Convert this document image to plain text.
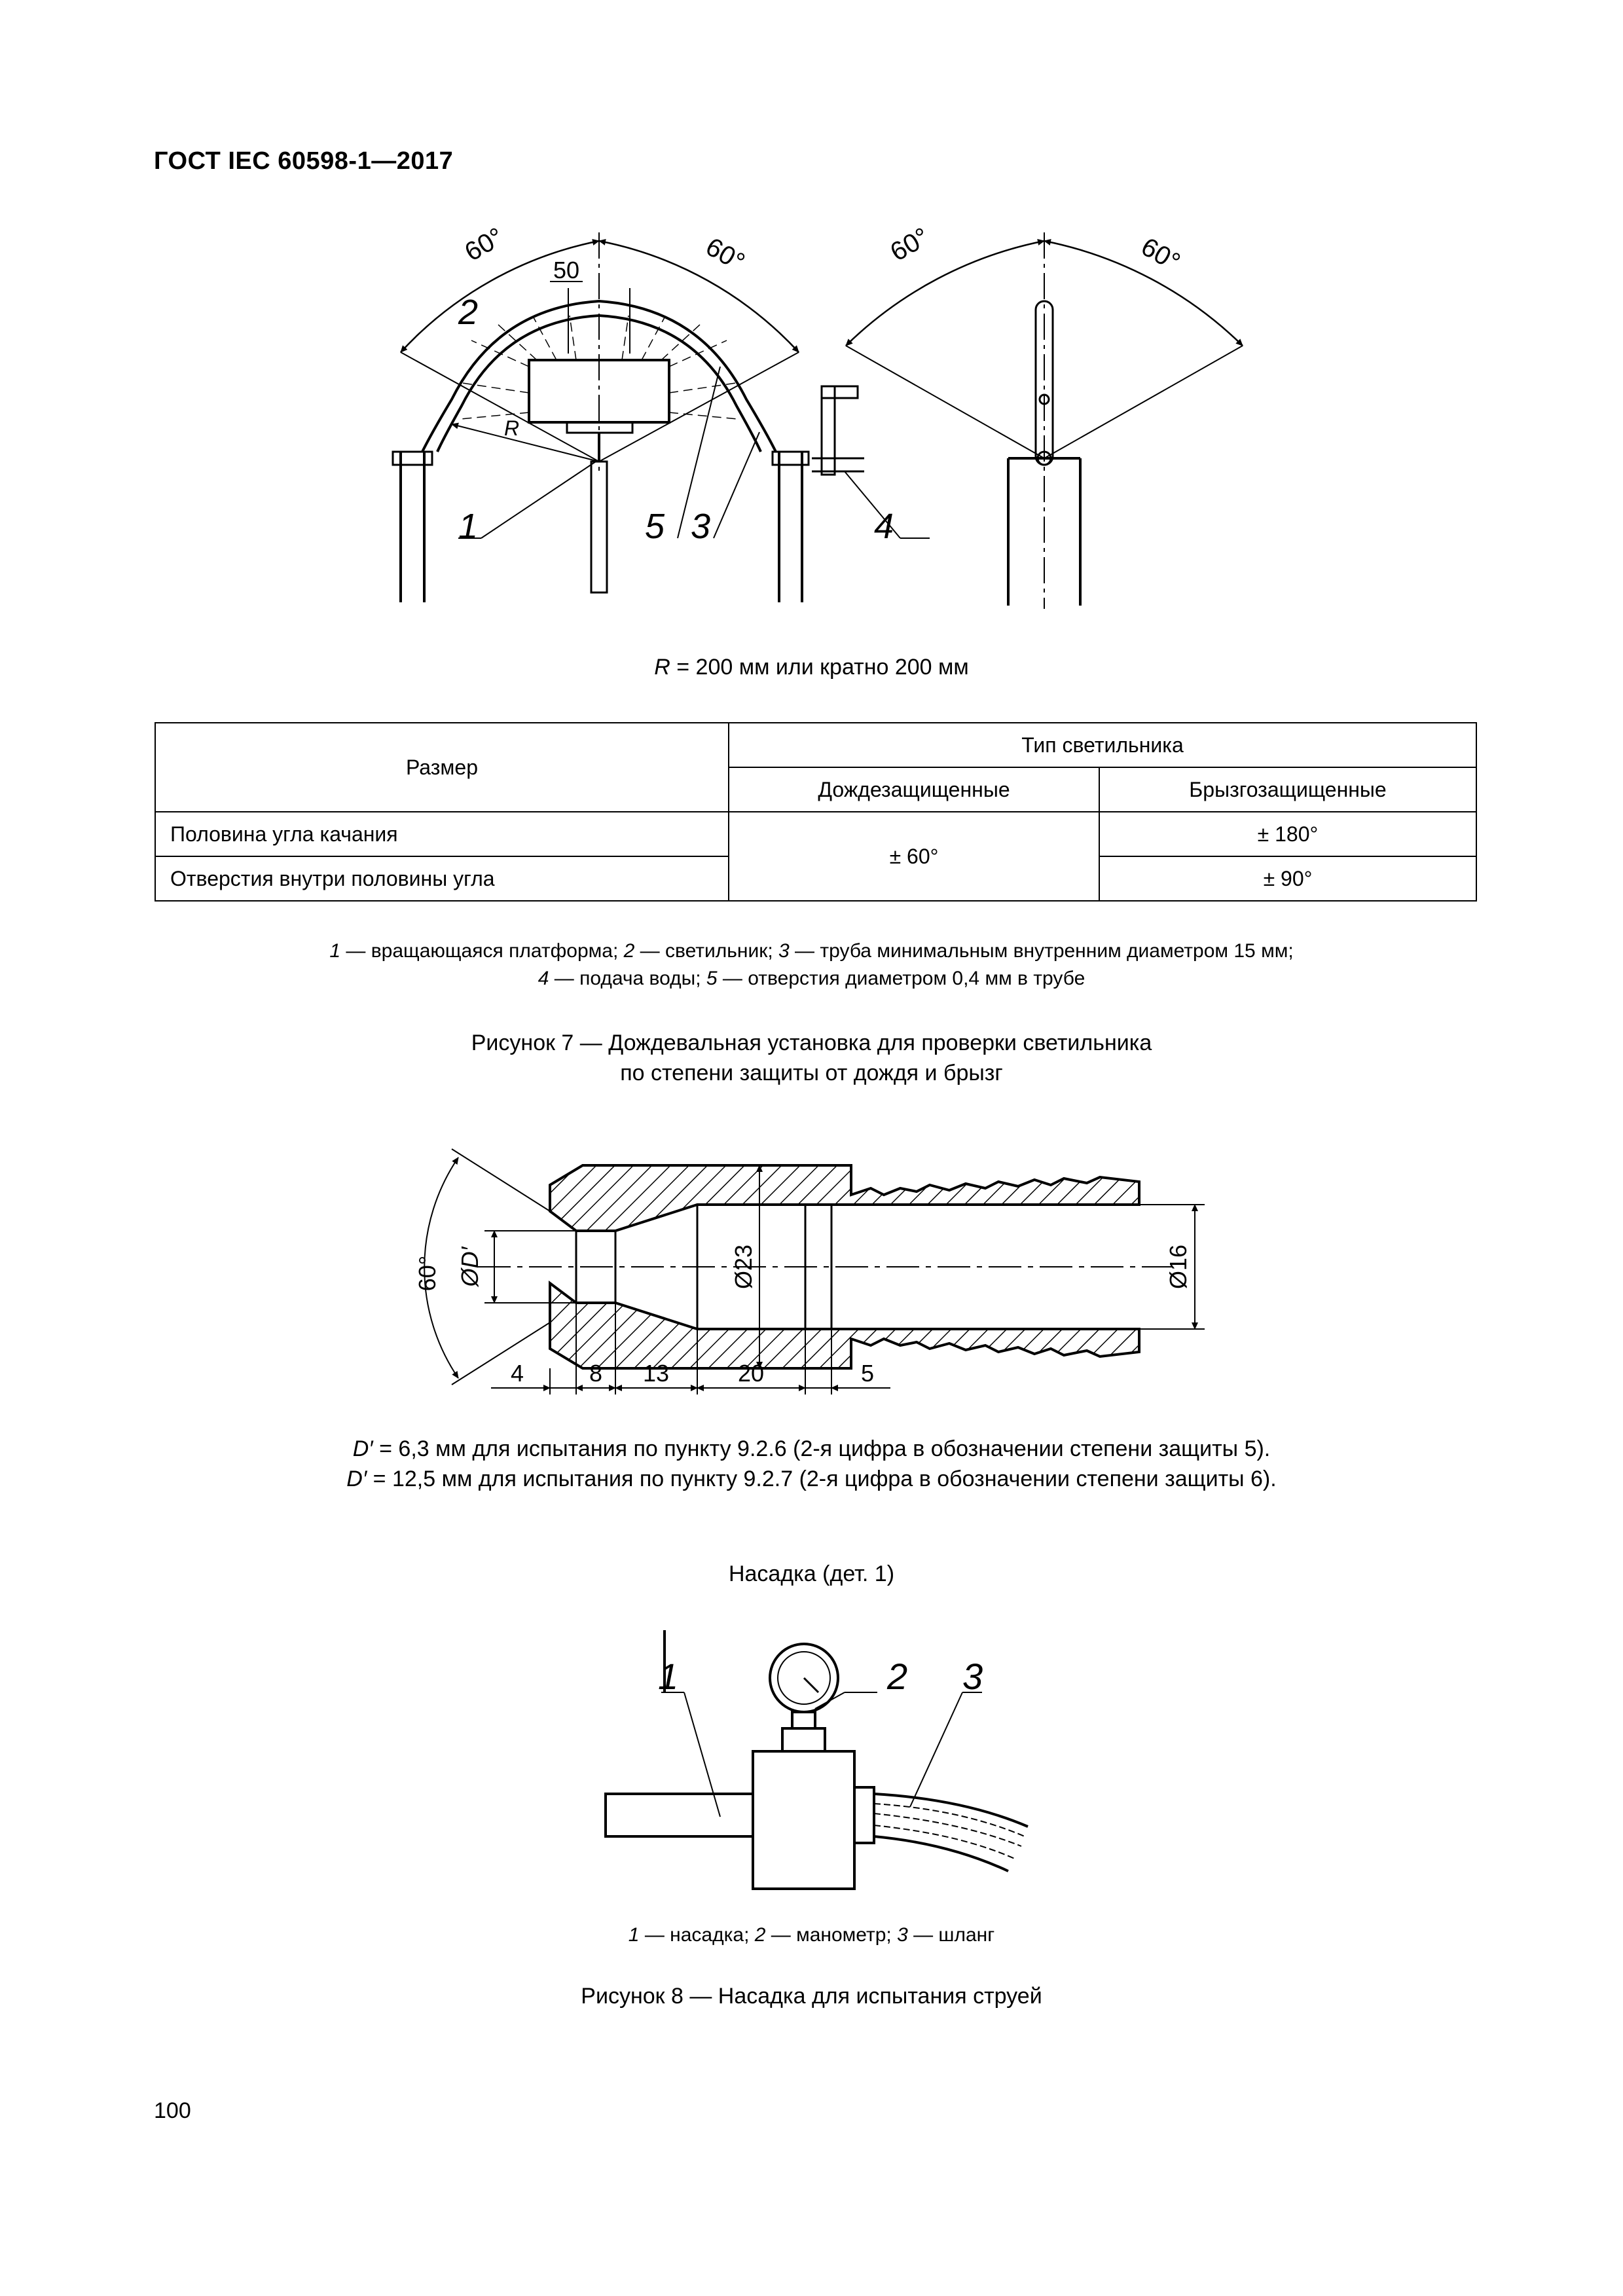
ГОСТ IEC 60598-1—2017
60°	60°	60°	60°
50
R
2
1	5 3	4
R = 200 мм или кратно 200 мм
Размер	Тип светильника	
	Дождезащищенные	Брызгозащищенные
Половина угла качания	± 60°	± 180°
Отверстия внутри половины угла		± 90°
1 — вращающаяся платформа; 2 — светильник; 3 — труба минимальным внутренним диаметром 15 мм;
4 — подача воды; 5 — отверстия диаметром 0,4 мм в трубе
Рисунок 7 — Дождевальная установка для проверки светильника
по степени защиты от дождя и брызг
60° ØD′	Ø23	Ø16
4	8 13	20	5
D′ = 6,3 мм для испытания по пункту 9.2.6 (2-я цифра в обозначении степени защиты 5).
D′ = 12,5 мм для испытания по пункту 9.2.7 (2-я цифра в обозначении степени защиты 6).
Насадка (дет. 1)
1	2 3
1 — насадка; 2 — манометр; 3 — шланг
Рисунок 8 — Насадка для испытания струей
100
